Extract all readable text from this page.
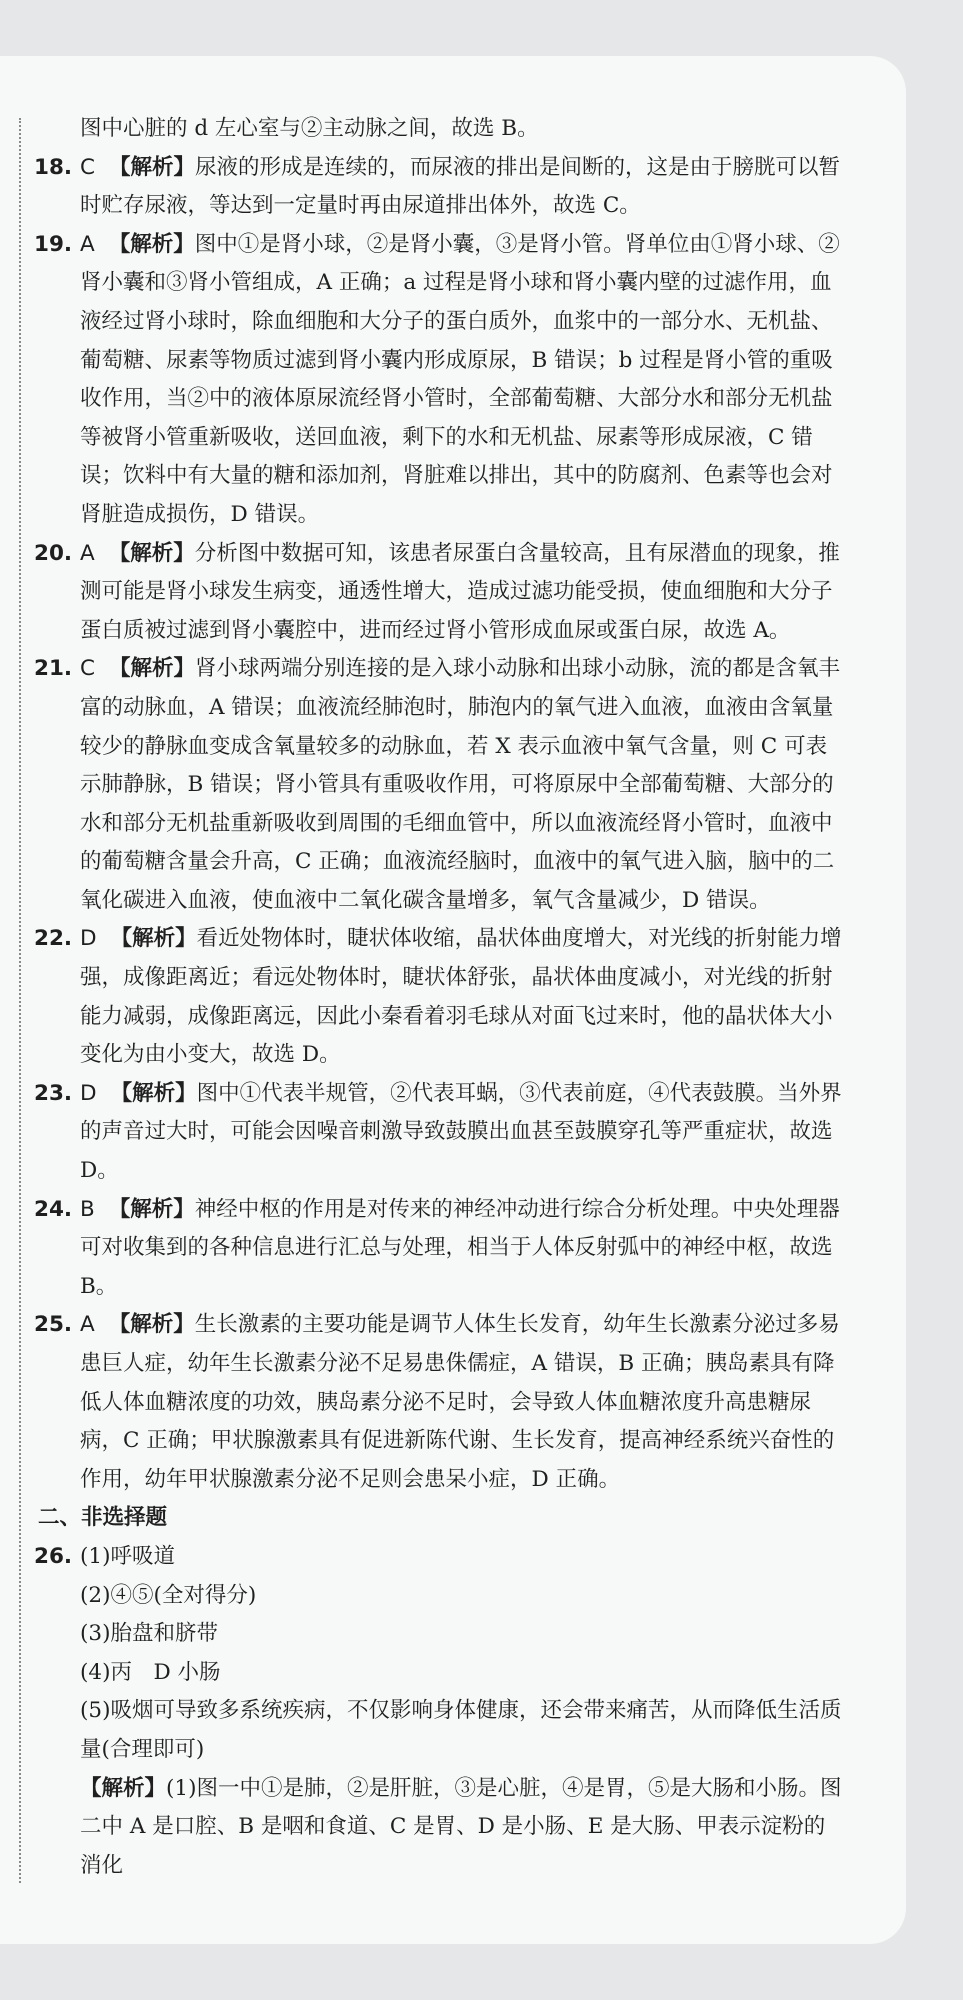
图中心脏的 d 左心室与②主动脉之间，故选 B。
18. C 【解析】尿液的形成是连续的，而尿液的排出是间断的，这是由于膀胱可以暂时贮存尿液，等达到一定量时再由尿道排出体外，故选 C。
19. A 【解析】图中①是肾小球，②是肾小囊，③是肾小管。肾单位由①肾小球、②肾小囊和③肾小管组成，A 正确；a 过程是肾小球和肾小囊内壁的过滤作用，血液经过肾小球时，除血细胞和大分子的蛋白质外，血浆中的一部分水、无机盐、葡萄糖、尿素等物质过滤到肾小囊内形成原尿，B 错误；b 过程是肾小管的重吸收作用，当②中的液体原尿流经肾小管时，全部葡萄糖、大部分水和部分无机盐等被肾小管重新吸收，送回血液，剩下的水和无机盐、尿素等形成尿液，C 错误；饮料中有大量的糖和添加剂，肾脏难以排出，其中的防腐剂、色素等也会对肾脏造成损伤，D 错误。
20. A 【解析】分析图中数据可知，该患者尿蛋白含量较高，且有尿潜血的现象，推测可能是肾小球发生病变，通透性增大，造成过滤功能受损，使血细胞和大分子蛋白质被过滤到肾小囊腔中，进而经过肾小管形成血尿或蛋白尿，故选 A。
21. C 【解析】肾小球两端分别连接的是入球小动脉和出球小动脉，流的都是含氧丰富的动脉血，A 错误；血液流经肺泡时，肺泡内的氧气进入血液，血液由含氧量较少的静脉血变成含氧量较多的动脉血，若 X 表示血液中氧气含量，则 C 可表示肺静脉，B 错误；肾小管具有重吸收作用，可将原尿中全部葡萄糖、大部分的水和部分无机盐重新吸收到周围的毛细血管中，所以血液流经肾小管时，血液中的葡萄糖含量会升高，C 正确；血液流经脑时，血液中的氧气进入脑，脑中的二氧化碳进入血液，使血液中二氧化碳含量增多，氧气含量减少，D 错误。
22. D 【解析】看近处物体时，睫状体收缩，晶状体曲度增大，对光线的折射能力增强，成像距离近；看远处物体时，睫状体舒张，晶状体曲度减小，对光线的折射能力减弱，成像距离远，因此小秦看着羽毛球从对面飞过来时，他的晶状体大小变化为由小变大，故选 D。
23. D 【解析】图中①代表半规管，②代表耳蜗，③代表前庭，④代表鼓膜。当外界的声音过大时，可能会因噪音刺激导致鼓膜出血甚至鼓膜穿孔等严重症状，故选 D。
24. B 【解析】神经中枢的作用是对传来的神经冲动进行综合分析处理。中央处理器可对收集到的各种信息进行汇总与处理，相当于人体反射弧中的神经中枢，故选 B。
25. A 【解析】生长激素的主要功能是调节人体生长发育，幼年生长激素分泌过多易患巨人症，幼年生长激素分泌不足易患侏儒症，A 错误，B 正确；胰岛素具有降低人体血糖浓度的功效，胰岛素分泌不足时，会导致人体血糖浓度升高患糖尿病，C 正确；甲状腺激素具有促进新陈代谢、生长发育，提高神经系统兴奋性的作用，幼年甲状腺激素分泌不足则会患呆小症，D 正确。
二、非选择题
26. (1)呼吸道
(2)④⑤(全对得分)
(3)胎盘和脐带
(4)丙　D 小肠
(5)吸烟可导致多系统疾病，不仅影响身体健康，还会带来痛苦，从而降低生活质量(合理即可)
【解析】(1)图一中①是肺，②是肝脏，③是心脏，④是胃，⑤是大肠和小肠。图二中 A 是口腔、B 是咽和食道、C 是胃、D 是小肠、E 是大肠、甲表示淀粉的消化
